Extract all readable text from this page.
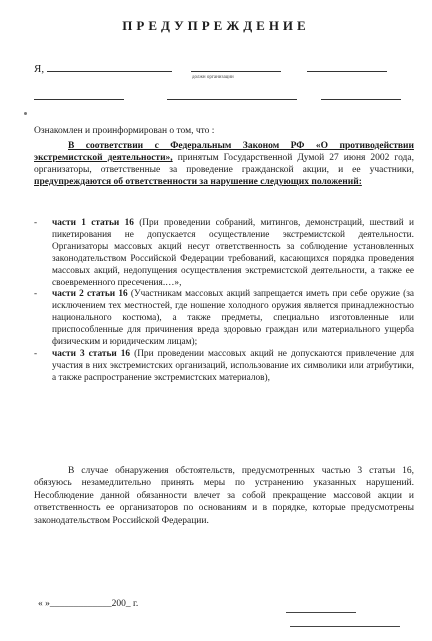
ПРЕДУПРЕЖДЕНИЕ
Я,
должн организации

Ознакомлен и проинформирован о том, что :
В соответствии с Федеральным Законом РФ «О противодействии экстремистской деятельности», принятым Государственной Думой 27 июня 2002 года, организаторы, ответственные за проведение гражданской акции, и ее участники, предупреждаются об ответственности за нарушение следующих положений:
- части 1 статьи 16 (При проведении собраний, митингов, демонстраций, шествий и пикетирования не допускается осуществление экстремистской деятельности. Организаторы массовых акций несут ответственность за соблюдение установленных законодательством Российской Федерации требований, касающихся порядка проведения массовых акций, недопущения осуществления экстремистской деятельности, а также ее своевременного пресечения.…»,
- части 2 статьи 16 (Участникам массовых акций запрещается иметь при себе оружие (за исключением тех местностей, где ношение холодного оружия является принадлежностью национального костюма), а также предметы, специально изготовленные или приспособленные для причинения вреда здоровью граждан или материального ущерба физическим и юридическим лицам);
- части 3 статьи 16 (При проведении массовых акций не допускаются привлечение для участия в них экстремистских организаций, использование их символики или атрибутики, а также распространение экстремистских материалов),
В случае обнаружения обстоятельств, предусмотренных частью 3 статьи 16, обязуюсь незамедлительно принять меры по устранению указанных нарушений. Несоблюдение данной обязанности влечет за собой прекращение массовой акции и ответственность ее организаторов по основаниям и в порядке, которые предусмотрены законодательством Российской Федерации.
« »_____________200_ г.
